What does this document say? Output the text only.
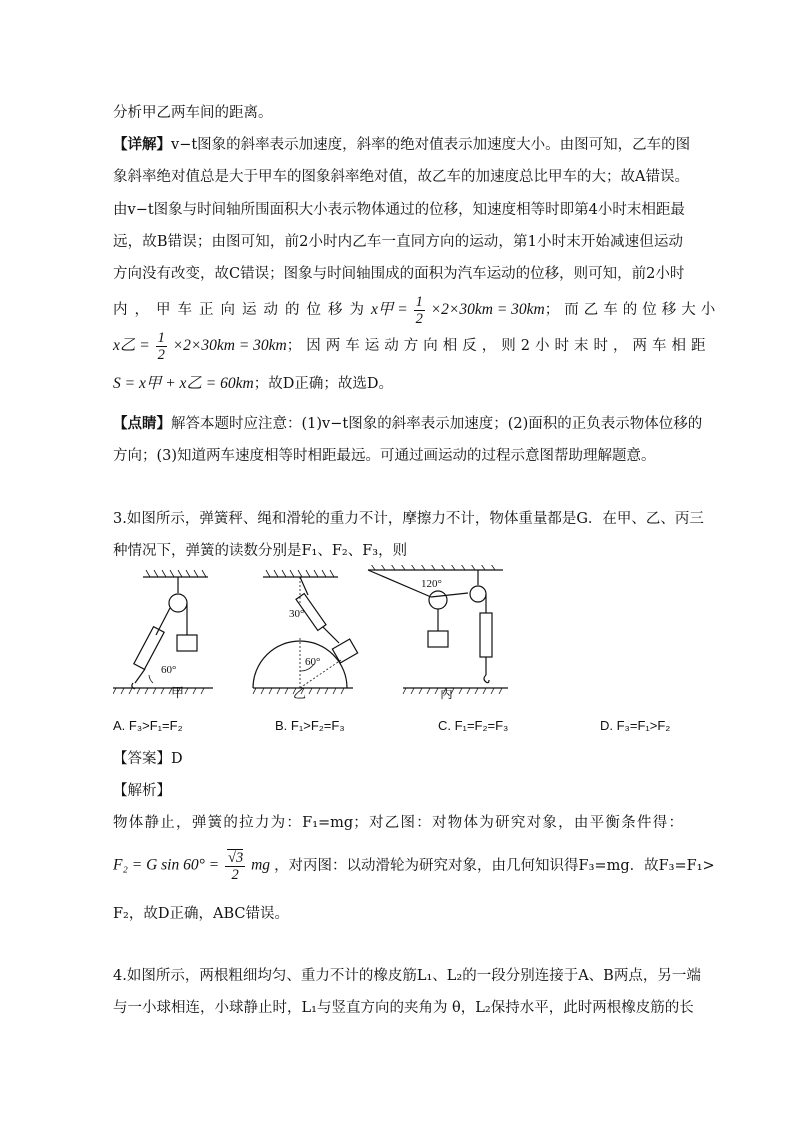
分析甲乙两车间的距离。
【详解】v−t图象的斜率表示加速度，斜率的绝对值表示加速度大小。由图可知，乙车的图
象斜率绝对值总是大于甲车的图象斜率绝对值，故乙车的加速度总比甲车的大；故A错误。
由v−t图象与时间轴所围面积大小表示物体通过的位移，知速度相等时即第4小时末相距最
远，故B错误；由图可知，前2小时内乙车一直同方向的运动，第1小时末开始减速但运动
方向没有改变，故C错误；图象与时间轴围成的面积为汽车运动的位移，则可知，前2小时
内，甲车正向运动的位移为 x甲 = $\frac{1}{2} \times 2\times 30km = 30km$ ；而乙车的位移大小
x乙 = $\frac{1}{2} \times 2\times 30km = 30km$ ；因两车运动方向相反，则2小时末时，两车相距
S = x甲 + x乙 = 60km；故D正确；故选D。
【点睛】解答本题时应注意：(1)v−t图象的斜率表示加速度；(2)面积的正负表示物体位移的
方向；(3)知道两车速度相等时相距最远。可通过画运动的过程示意图帮助理解题意。
3.如图所示，弹簧秤、绳和滑轮的重力不计，摩擦力不计，物体重量都是G．在甲、乙、丙三
种情况下，弹簧的读数分别是F₁、F₂、F₃，则
60°
甲
30°
60°
乙
120°
丙
A. F₃>F₁=F₂	B. F₁>F₂=F₃	C. F₁=F₂=F₃	D. F₃=F₁>F₂
【答案】D
【解析】
物体静止，弹簧的拉力为：F₁=mg；对乙图：对物体为研究对象，由平衡条件得：
F₂ = G $\sin 60^\circ = \frac{√3}{2}$ mg ，对丙图：以动滑轮为研究对象，由几何知识得F₃=mg．故F₃=F₁>
F₂，故D正确，ABC错误。
4.如图所示，两根粗细均匀、重力不计的橡皮筋L₁、L₂的一段分别连接于A、B两点，另一端
与一小球相连，小球静止时，L₁与竖直方向的夹角为 θ，L₂保持水平，此时两根橡皮筋的长
